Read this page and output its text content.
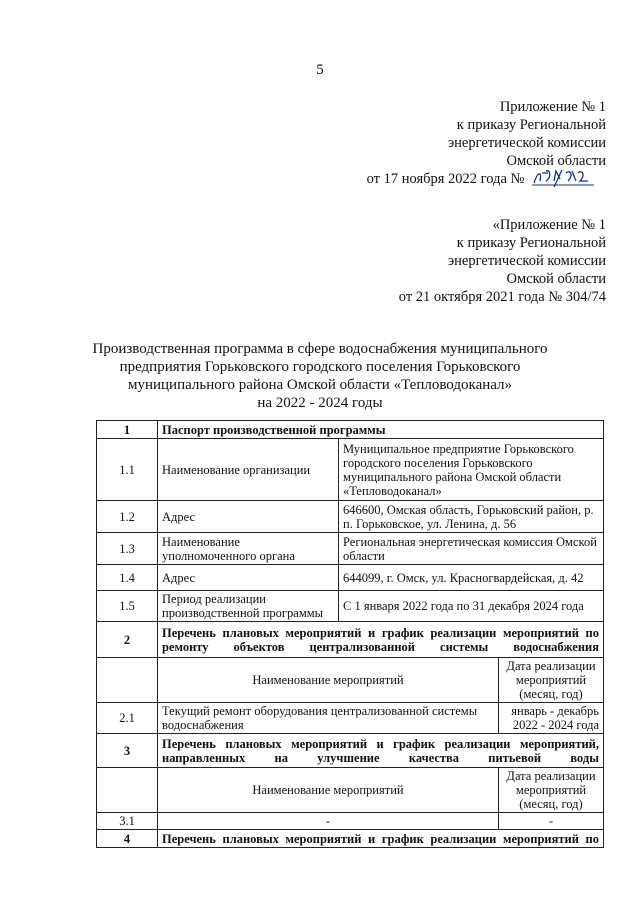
5
Приложение № 1
к приказу Региональной
энергетической комиссии
Омской области
от 17 ноября 2022 года №
«Приложение № 1
к приказу Региональной
энергетической комиссии
Омской области
от 21 октября 2021 года № 304/74
Производственная программа в сфере водоснабжения муниципального
предприятия Горьковского городского поселения Горьковского
муниципального района Омской области «Тепловодоканал»
на 2022 - 2024 годы
1	Паспорт производственной программы		
1.1	Наименование организации	Муниципальное предприятие Горьковского городского поселения Горьковского муниципального района Омской области «Тепловодоканал»	
1.2	Адрес	646600, Омская область, Горьковский район, р. п. Горьковское, ул. Ленина, д. 56	
1.3	Наименование уполномоченного органа	Региональная энергетическая комиссия Омской области	
1.4	Адрес	644099, г. Омск, ул. Красногвардейская, д. 42	
1.5	Период реализации производственной программы	С 1 января 2022 года по 31 декабря 2024 года	
2	Перечень плановых мероприятий и график реализации мероприятий по ремонту объектов централизованной системы водоснабжения		
	Наименование мероприятий		Дата реализации мероприятий (месяц, год)
2.1	Текущий ремонт оборудования централизованной системы водоснабжения		январь - декабрь 2022 - 2024 года
3	Перечень плановых мероприятий и график реализации мероприятий, направленных на улучшение качества питьевой воды		
	Наименование мероприятий		Дата реализации мероприятий (месяц, год)
3.1	-		-
4	Перечень плановых мероприятий и график реализации мероприятий по		
